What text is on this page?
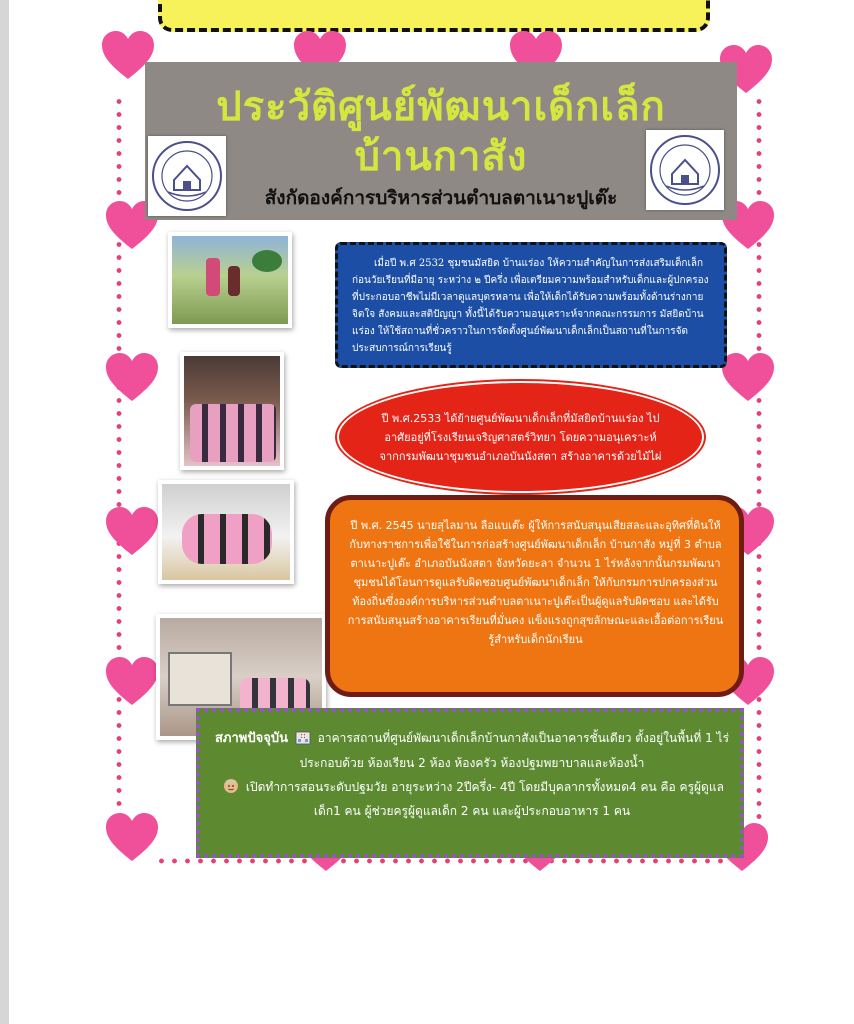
ประวัติศูนย์พัฒนาเด็กเล็ก
บ้านกาสัง
สังกัดองค์การบริหารส่วนตำบลตาเนาะปูเต๊ะ
เมื่อปี พ.ศ 2532 ชุมชนมัสยิด บ้านแร่อง ให้ความสำคัญในการส่งเสริมเด็กเล็กก่อนวัยเรียนที่มีอายุ ระหว่าง ๒ ปีครึ่ง เพื่อเตรียมความพร้อมสำหรับเด็กและผู้ปกครองที่ประกอบอาชีพไม่มีเวลาดูแลบุตรหลาน เพื่อให้เด็กได้รับความพร้อมทั้งด้านร่างกาย จิตใจ สังคมและสติปัญญา ทั้งนี้ได้รับความอนุเคราะห์จากคณะกรรมการ มัสยิดบ้านแร่อง ให้ใช้สถานที่ชั่วคราวในการจัดตั้งศูนย์พัฒนาเด็กเล็กเป็นสถานที่ในการจัดประสบการณ์การเรียนรู้
ปี พ.ศ.2533 ได้ย้ายศูนย์พัฒนาเด็กเล็กที่มัสยิดบ้านแร่อง ไปอาศัยอยู่ที่โรงเรียนเจริญศาสตร์วิทยา โดยความอนุเคราะห์จากกรมพัฒนาชุมชนอำเภอบันนังสตา สร้างอาคารด้วยไม้ไผ่
ปี พ.ศ. 2545 นายสุไลมาน ลือแบเต๊ะ ผู้ให้การสนับสนุนเสียสละและอุทิศที่ดินให้กับทางราชการเพื่อใช้ในการก่อสร้างศูนย์พัฒนาเด็กเล็ก บ้านกาสัง หมู่ที่ 3 ตำบลตาเนาะปูเต๊ะ อำเภอบันนังสตา จังหวัดยะลา จำนวน 1 ไร่หลังจากนั้นกรมพัฒนาชุมชนได้โอนการดูแลรับผิดชอบศูนย์พัฒนาเด็กเล็ก ให้กับกรมการปกครองส่วนท้องถิ่นซึ่งองค์การบริหารส่วนตำบลตาเนาะปูเต๊ะเป็นผู้ดูแลรับผิดชอบ และได้รับการสนับสนุนสร้างอาคารเรียนที่มั่นคง แข็งแรงถูกสุขลักษณะและเอื้อต่อการเรียนรู้สำหรับเด็กนักเรียน
สภาพปัจจุบัน อาคารสถานที่ศูนย์พัฒนาเด็กเล็กบ้านกาสังเป็นอาคารชั้นเดียว ตั้งอยู่ในพื้นที่ 1 ไร่ ประกอบด้วย ห้องเรียน 2 ห้อง ห้องครัว ห้องปฐมพยาบาลและห้องน้ำ
เปิดทำการสอนระดับปฐมวัย อายุระหว่าง 2ปีครึ่ง- 4ปี โดยมีบุคลากรทั้งหมด4 คน คือ ครูผู้ดูแลเด็ก1 คน ผู้ช่วยครูผู้ดูแลเด็ก 2 คน และผู้ประกอบอาหาร 1 คน
